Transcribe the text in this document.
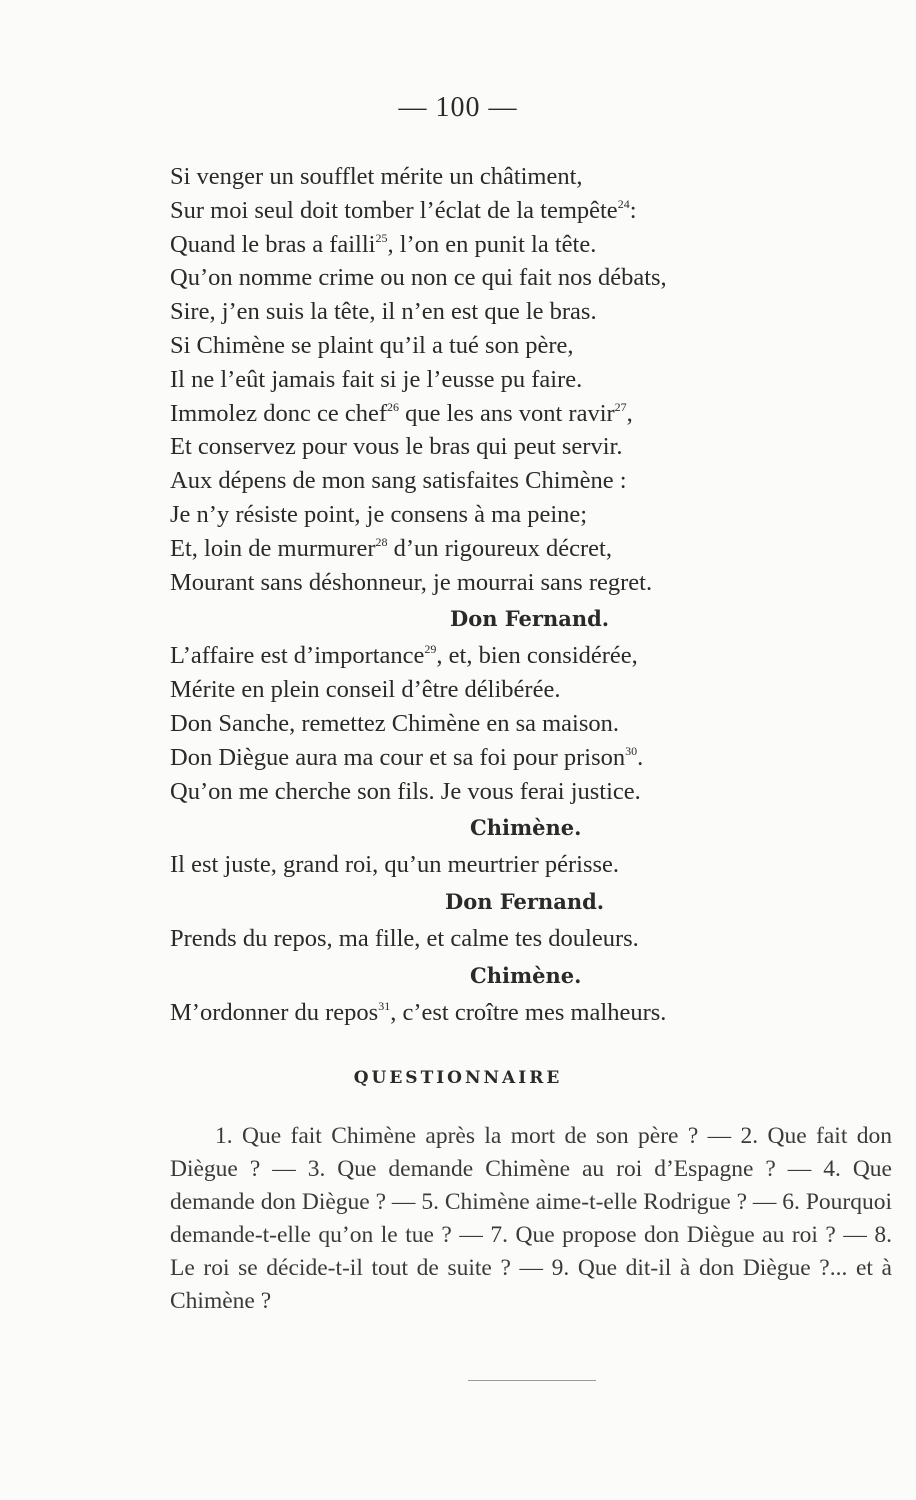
— 100 —
Si venger un soufflet mérite un châtiment,
Sur moi seul doit tomber l’éclat de la tempête$^{24}$:
Quand le bras a failli$^{25}$, l’on en punit la tête.
Qu’on nomme crime ou non ce qui fait nos débats,
Sire, j’en suis la tête, il n’en est que le bras.
Si Chimène se plaint qu’il a tué son père,
Il ne l’eût jamais fait si je l’eusse pu faire.
Immolez donc ce chef$^{26}$ que les ans vont ravir$^{27}$,
Et conservez pour vous le bras qui peut servir.
Aux dépens de mon sang satisfaites Chimène :
Je n’y résiste point, je consens à ma peine;
Et, loin de murmurer$^{28}$ d’un rigoureux décret,
Mourant sans déshonneur, je mourrai sans regret.
Don Fernand.
L’affaire est d’importance$^{29}$, et, bien considérée,
Mérite en plein conseil d’être délibérée.
Don Sanche, remettez Chimène en sa maison.
Don Diègue aura ma cour et sa foi pour prison$^{30}$.
Qu’on me cherche son fils. Je vous ferai justice.
Chimène.
Il est juste, grand roi, qu’un meurtrier périsse.
Don Fernand.
Prends du repos, ma fille, et calme tes douleurs.
Chimène.
M’ordonner du repos$^{31}$, c’est croître mes malheurs.
QUESTIONNAIRE
1. Que fait Chimène après la mort de son père ? — 2. Que fait don Diègue ? — 3. Que demande Chimène au roi d’Espagne ? — 4. Que demande don Diègue ? — 5. Chimène aime-t-elle Rodrigue ? — 6. Pourquoi demande-t-elle qu’on le tue ? — 7. Que propose don Diègue au roi ? — 8. Le roi se décide-t-il tout de suite ? — 9. Que dit-il à don Diègue ?... et à Chimène ?
